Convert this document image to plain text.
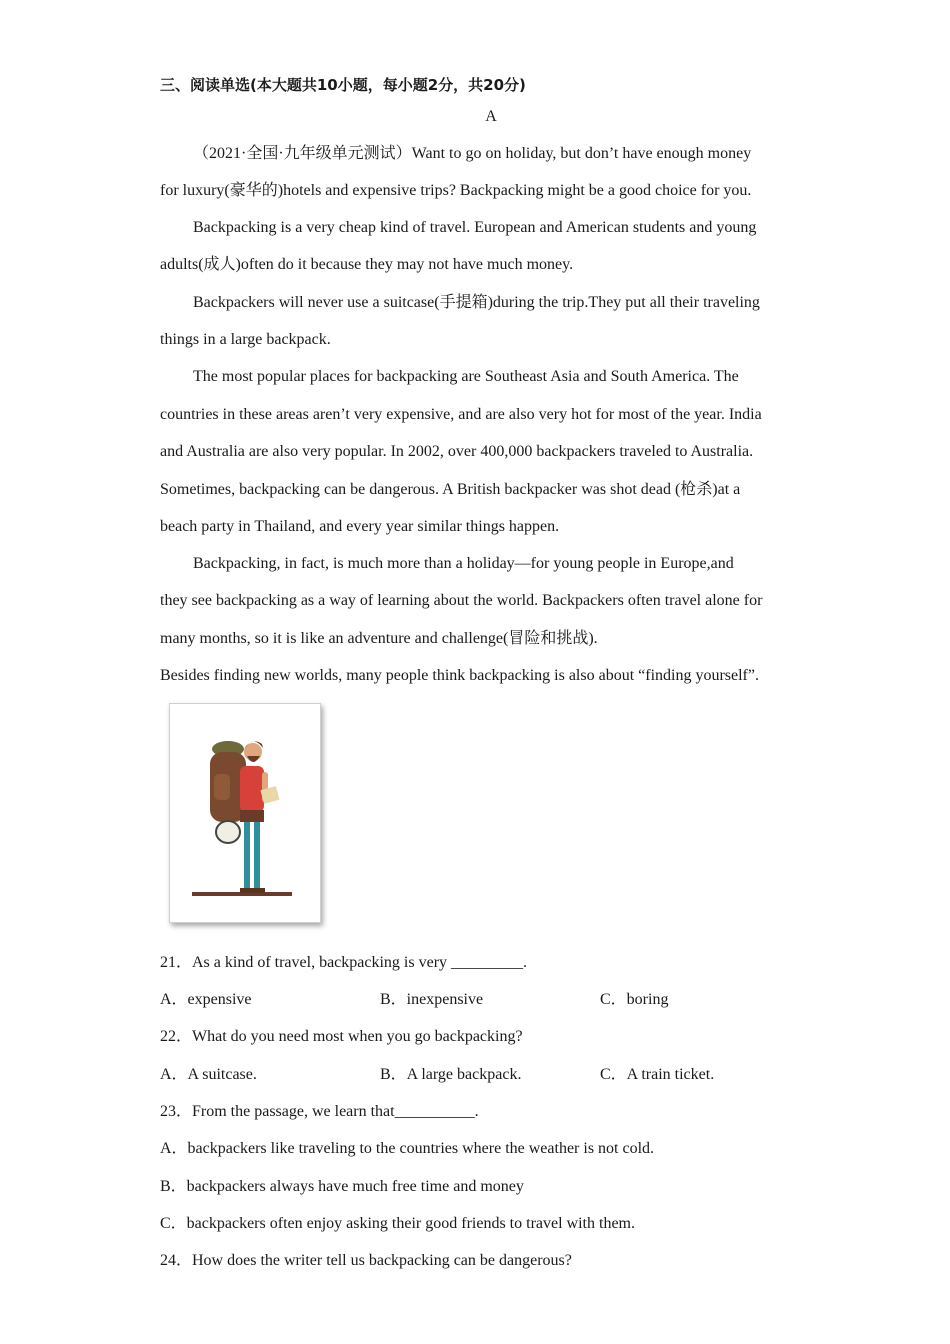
三、阅读单选(本大题共10小题，每小题2分，共20分)
A
（2021·全国·九年级单元测试）Want to go on holiday, but don’t have enough money
for luxury(豪华的)hotels and expensive trips? Backpacking might be a good choice for you.
Backpacking is a very cheap kind of travel. European and American students and young
adults(成人)often do it because they may not have much money.
Backpackers will never use a suitcase(手提箱)during the trip.They put all their traveling
things in a large backpack.
The most popular places for backpacking are Southeast Asia and South America. The
countries in these areas aren’t very expensive, and are also very hot for most of the year. India
and Australia are also very popular. In 2002, over 400,000 backpackers traveled to Australia.
Sometimes, backpacking can be dangerous. A British backpacker was shot dead (枪杀)at a
beach party in Thailand, and every year similar things happen.
Backpacking, in fact, is much more than a holiday—for young people in Europe,and
they see backpacking as a way of learning about the world. Backpackers often travel alone for
many months, so it is like an adventure and challenge(冒险和挑战).
Besides finding new worlds, many people think backpacking is also about “finding yourself”.
21．As a kind of travel, backpacking is very _________.
A．expensive	B．inexpensive	C．boring
22．What do you need most when you go backpacking?
A．A suitcase.	B．A large backpack.	C．A train ticket.
23．From the passage, we learn that__________.
A．backpackers like traveling to the countries where the weather is not cold.
B．backpackers always have much free time and money
C．backpackers often enjoy asking their good friends to travel with them.
24．How does the writer tell us backpacking can be dangerous?
